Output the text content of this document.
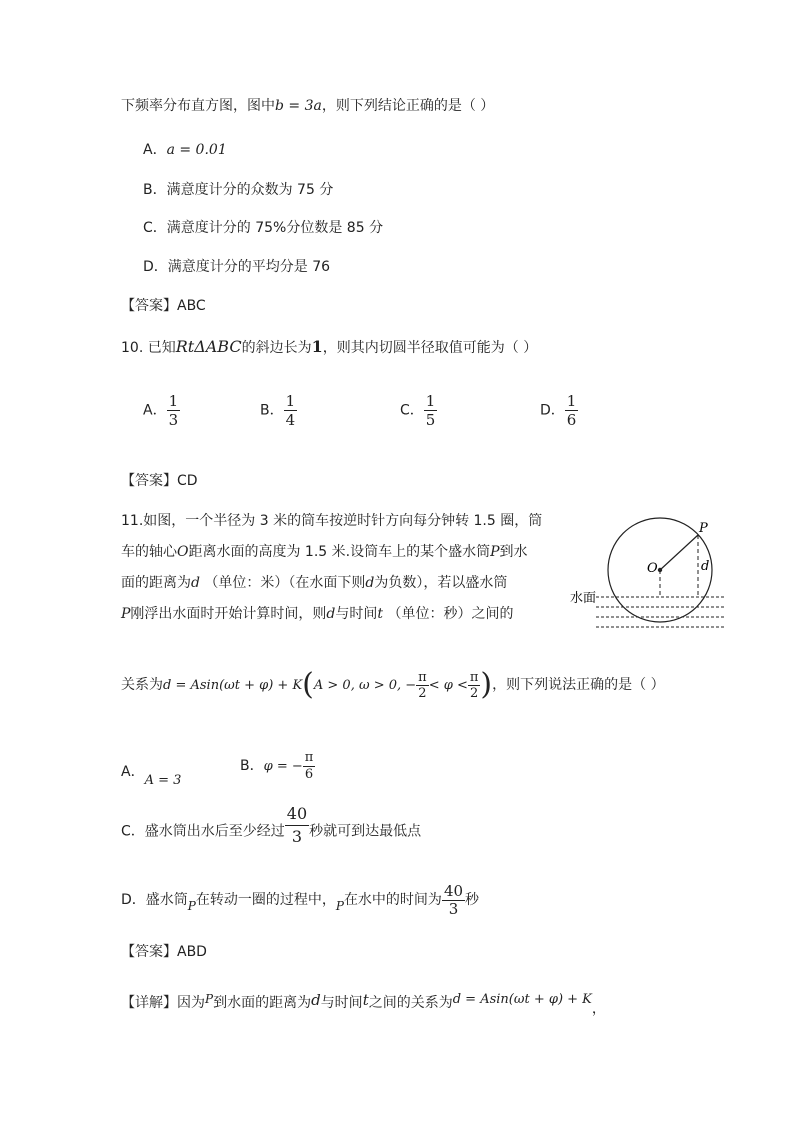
下频率分布直方图，图中b = 3a，则下列结论正确的是（ ）
A．a = 0.01
B．满意度计分的众数为 75 分
C．满意度计分的 75%分位数是 85 分
D．满意度计分的平均分是 76
【答案】ABC
10. 已知RtΔABC的斜边长为1，则其内切圆半径取值可能为（ ）
A． $\frac{1}{3}$	B． $\frac{1}{4}$	C． $\frac{1}{5}$	D． $\frac{1}{6}$
【答案】CD
11.如图，一个半径为 3 米的筒车按逆时针方向每分钟转 1.5 圈，筒
车的轴心O距离水面的高度为 1.5 米.设筒车上的某个盛水筒P到水
面的距离为d （单位：米）（在水面下则d为负数），若以盛水筒
P刚浮出水面时开始计算时间，则d与时间t （单位：秒）之间的
P
O	d
水面
关系为d = Asin(ωt + φ) + K(A > 0, ω > 0, − $\frac{\pi}{2} < \varphi < \frac{\pi}{2}$ )，则下列说法正确的是（ ）
A．A = 3
B．φ = − $\frac{\pi}{6}$
C．盛水筒出水后至少经过 $\frac{40}{3}$ 秒就可到达最低点
D．盛水筒P在转动一圈的过程中，P在水中的时间为 $\frac{40}{3}$ 秒
【答案】ABD
【详解】因为P到水面的距离为d与时间t之间的关系为d = Asin(ωt + φ) + K，
